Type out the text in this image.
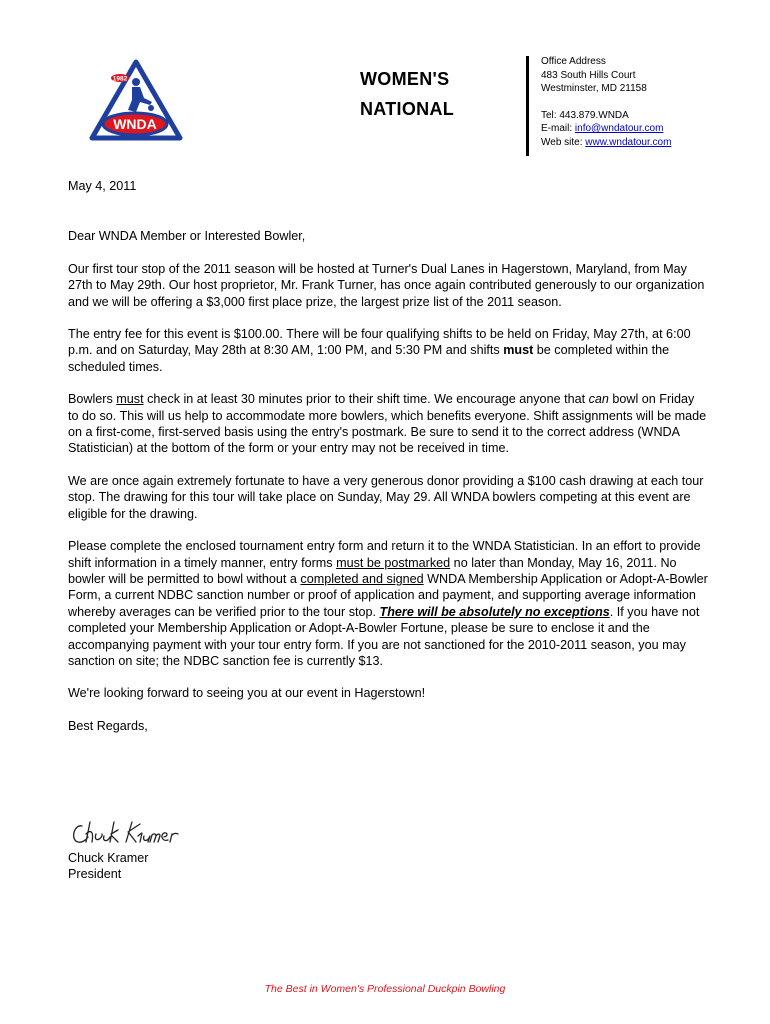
WNDA
1982	WOMEN'S
NATIONAL
Office Address
483 South Hills Court
Westminster, MD 21158
Tel: 443.879.WNDA
E-mail: info@wndatour.com
Web site: www.wndatour.com

May 4, 2011

Dear WNDA Member or Interested Bowler,

Our first tour stop of the 2011 season will be hosted at Turner's Dual Lanes in Hagerstown, Maryland, from May 27th to May 29th. Our host proprietor, Mr. Frank Turner, has once again contributed generously to our organization and we will be offering a $3,000 first place prize, the largest prize list of the 2011 season.

The entry fee for this event is $100.00. There will be four qualifying shifts to be held on Friday, May 27th, at 6:00 p.m. and on Saturday, May 28th at 8:30 AM, 1:00 PM, and 5:30 PM and shifts must be completed within the scheduled times.

Bowlers must check in at least 30 minutes prior to their shift time. We encourage anyone that can bowl on Friday to do so. This will us help to accommodate more bowlers, which benefits everyone. Shift assignments will be made on a first-come, first-served basis using the entry's postmark. Be sure to send it to the correct address (WNDA Statistician) at the bottom of the form or your entry may not be received in time.

We are once again extremely fortunate to have a very generous donor providing a $100 cash drawing at each tour stop. The drawing for this tour will take place on Sunday, May 29. All WNDA bowlers competing at this event are eligible for the drawing.

Please complete the enclosed tournament entry form and return it to the WNDA Statistician. In an effort to provide shift information in a timely manner, entry forms must be postmarked no later than Monday, May 16, 2011. No bowler will be permitted to bowl without a completed and signed WNDA Membership Application or Adopt-A-Bowler Form, a current NDBC sanction number or proof of application and payment, and supporting average information whereby averages can be verified prior to the tour stop. There will be absolutely no exceptions. If you have not completed your Membership Application or Adopt-A-Bowler Fortune, please be sure to enclose it and the accompanying payment with your tour entry form. If you are not sanctioned for the 2010-2011 season, you may sanction on site; the NDBC sanction fee is currently $13.

We're looking forward to seeing you at our event in Hagerstown!

Best Regards,

Chuck Kramer
President
The Best in Women's Professional Duckpin Bowling
